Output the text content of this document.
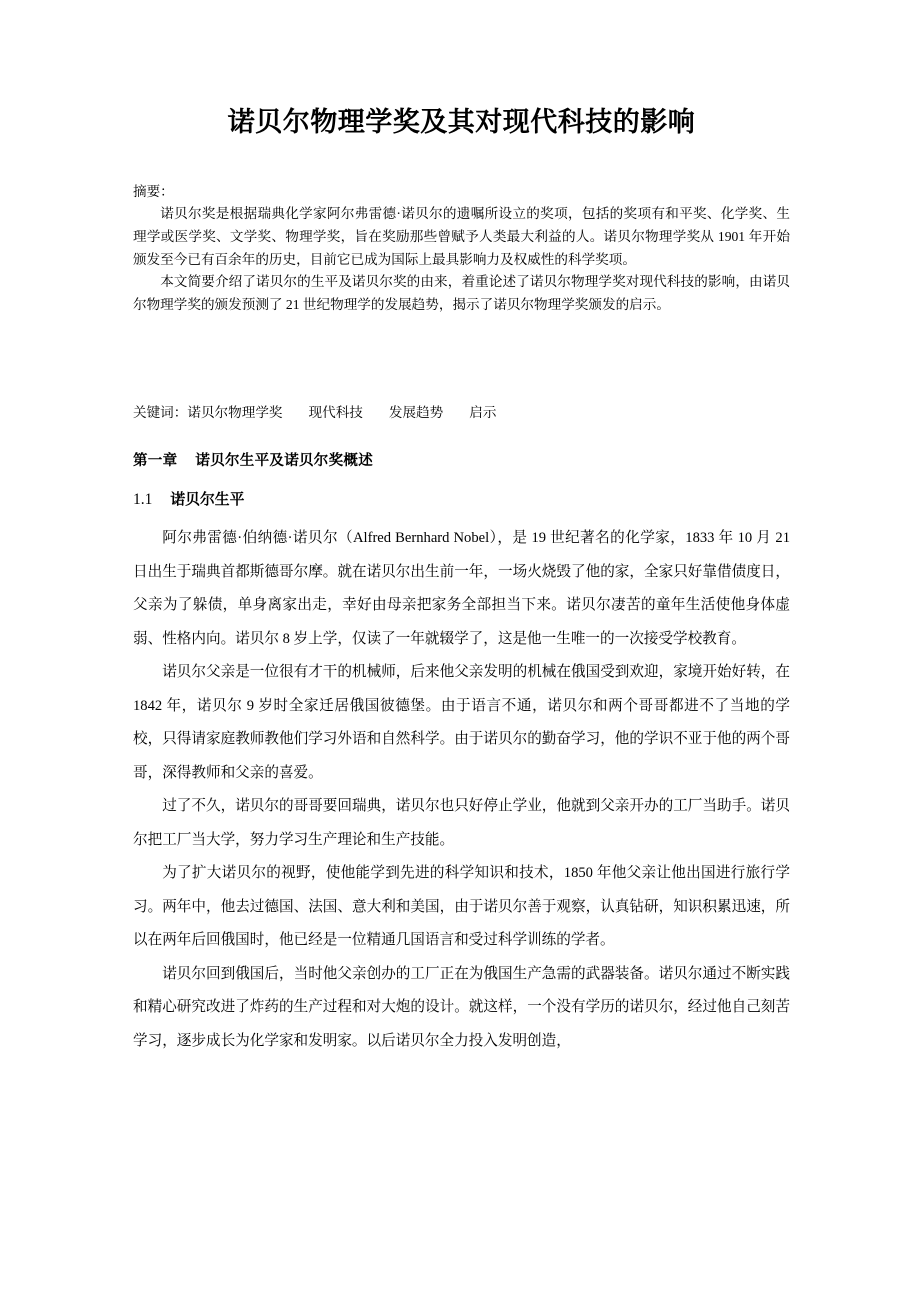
诺贝尔物理学奖及其对现代科技的影响

摘要：

诺贝尔奖是根据瑞典化学家阿尔弗雷德·诺贝尔的遗嘱所设立的奖项，包括的奖项有和平奖、化学奖、生理学或医学奖、文学奖、物理学奖，旨在奖励那些曾赋予人类最大利益的人。诺贝尔物理学奖从 1901 年开始颁发至今已有百余年的历史，目前它已成为国际上最具影响力及权威性的科学奖项。

本文简要介绍了诺贝尔的生平及诺贝尔奖的由来，着重论述了诺贝尔物理学奖对现代科技的影响，由诺贝尔物理学奖的颁发预测了 21 世纪物理学的发展趋势，揭示了诺贝尔物理学奖颁发的启示。

关键词：诺贝尔物理学奖 现代科技 发展趋势 启示

第一章 诺贝尔生平及诺贝尔奖概述
1.1 诺贝尔生平

阿尔弗雷德·伯纳德·诺贝尔（Alfred Bernhard Nobel），是 19 世纪著名的化学家，1833 年 10 月 21 日出生于瑞典首都斯德哥尔摩。就在诺贝尔出生前一年，一场火烧毁了他的家，全家只好靠借债度日，父亲为了躲债，单身离家出走，幸好由母亲把家务全部担当下来。诺贝尔凄苦的童年生活使他身体虚弱、性格内向。诺贝尔 8 岁上学，仅读了一年就辍学了，这是他一生唯一的一次接受学校教育。

诺贝尔父亲是一位很有才干的机械师，后来他父亲发明的机械在俄国受到欢迎，家境开始好转，在 1842 年，诺贝尔 9 岁时全家迁居俄国彼德堡。由于语言不通，诺贝尔和两个哥哥都进不了当地的学校，只得请家庭教师教他们学习外语和自然科学。由于诺贝尔的勤奋学习，他的学识不亚于他的两个哥哥，深得教师和父亲的喜爱。

过了不久，诺贝尔的哥哥要回瑞典，诺贝尔也只好停止学业，他就到父亲开办的工厂当助手。诺贝尔把工厂当大学，努力学习生产理论和生产技能。

为了扩大诺贝尔的视野，使他能学到先进的科学知识和技术，1850 年他父亲让他出国进行旅行学习。两年中，他去过德国、法国、意大利和美国，由于诺贝尔善于观察，认真钻研，知识积累迅速，所以在两年后回俄国时，他已经是一位精通几国语言和受过科学训练的学者。

诺贝尔回到俄国后，当时他父亲创办的工厂正在为俄国生产急需的武器装备。诺贝尔通过不断实践和精心研究改进了炸药的生产过程和对大炮的设计。就这样，一个没有学历的诺贝尔，经过他自己刻苦学习，逐步成长为化学家和发明家。以后诺贝尔全力投入发明创造，
